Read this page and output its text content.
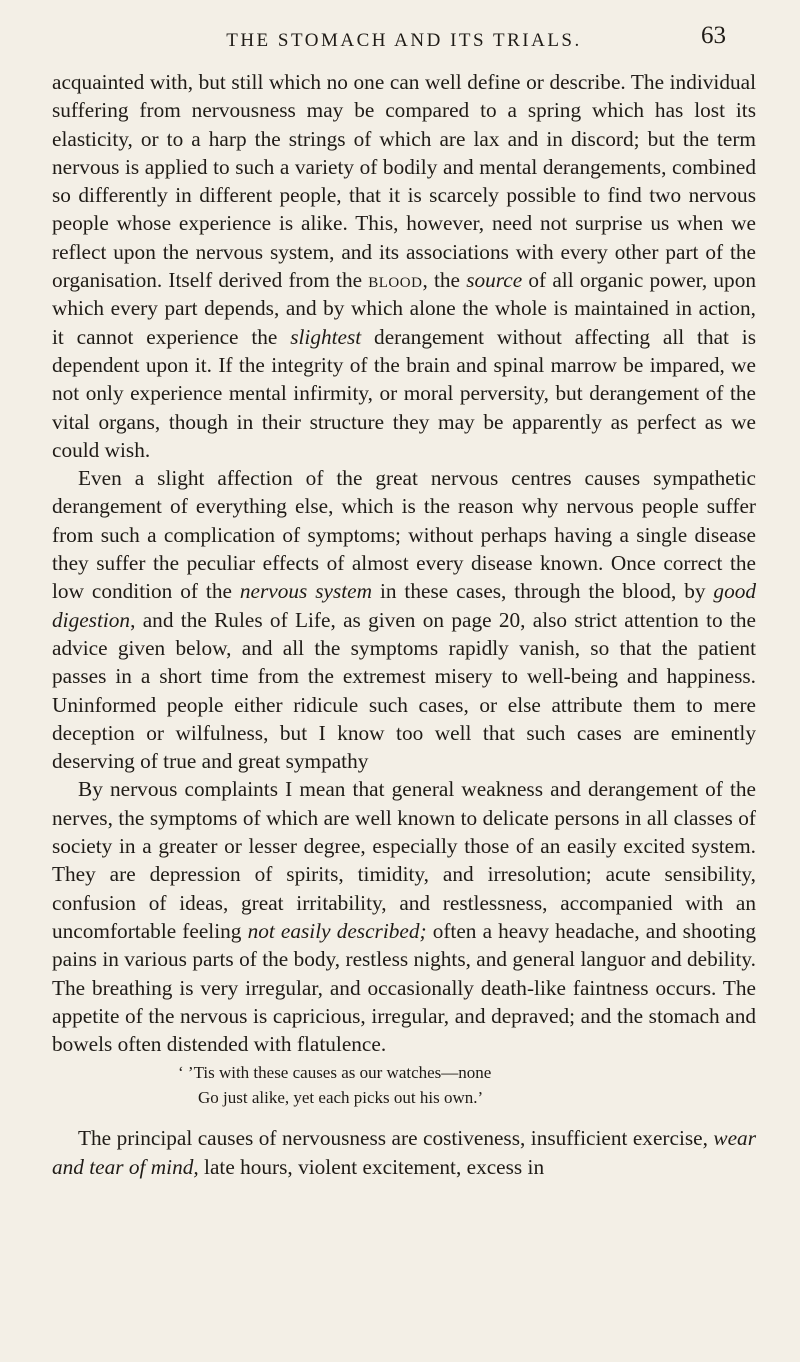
THE STOMACH AND ITS TRIALS.	63

acquainted with, but still which no one can well define or describe. The individual suffering from nervousness may be compared to a spring which has lost its elasticity, or to a harp the strings of which are lax and in discord; but the term nervous is applied to such a variety of bodily and mental derangements, combined so differently in different people, that it is scarcely possible to find two nervous people whose experience is alike. This, however, need not surprise us when we reflect upon the nervous system, and its associations with every other part of the organisation. Itself derived from the blood, the source of all organic power, upon which every part depends, and by which alone the whole is maintained in action, it cannot experience the slightest derangement without affecting all that is dependent upon it. If the integrity of the brain and spinal marrow be impared, we not only experience mental infirmity, or moral perversity, but derangement of the vital organs, though in their structure they may be apparently as perfect as we could wish.

Even a slight affection of the great nervous centres causes sympathetic derangement of everything else, which is the reason why nervous people suffer from such a complication of symptoms; without perhaps having a single disease they suffer the peculiar effects of almost every disease known. Once correct the low condition of the nervous system in these cases, through the blood, by good digestion, and the Rules of Life, as given on page 20, also strict attention to the advice given below, and all the symptoms rapidly vanish, so that the patient passes in a short time from the extremest misery to well-being and happiness. Uninformed people either ridicule such cases, or else attribute them to mere deception or wilfulness, but I know too well that such cases are eminently deserving of true and great sympathy

By nervous complaints I mean that general weakness and derangement of the nerves, the symptoms of which are well known to delicate persons in all classes of society in a greater or lesser degree, especially those of an easily excited system. They are depression of spirits, timidity, and irresolution; acute sensibility, confusion of ideas, great irritability, and restlessness, accompanied with an uncomfortable feeling not easily described; often a heavy headache, and shooting pains in various parts of the body, restless nights, and general languor and debility. The breathing is very irregular, and occasionally death-like faintness occurs. The appetite of the nervous is capricious, irregular, and depraved; and the stomach and bowels often distended with flatulence.

‘ ’Tis with these causes as our watches—none
Go just alike, yet each picks out his own.’

The principal causes of nervousness are costiveness, insufficient exercise, wear and tear of mind, late hours, violent excitement, excess in
